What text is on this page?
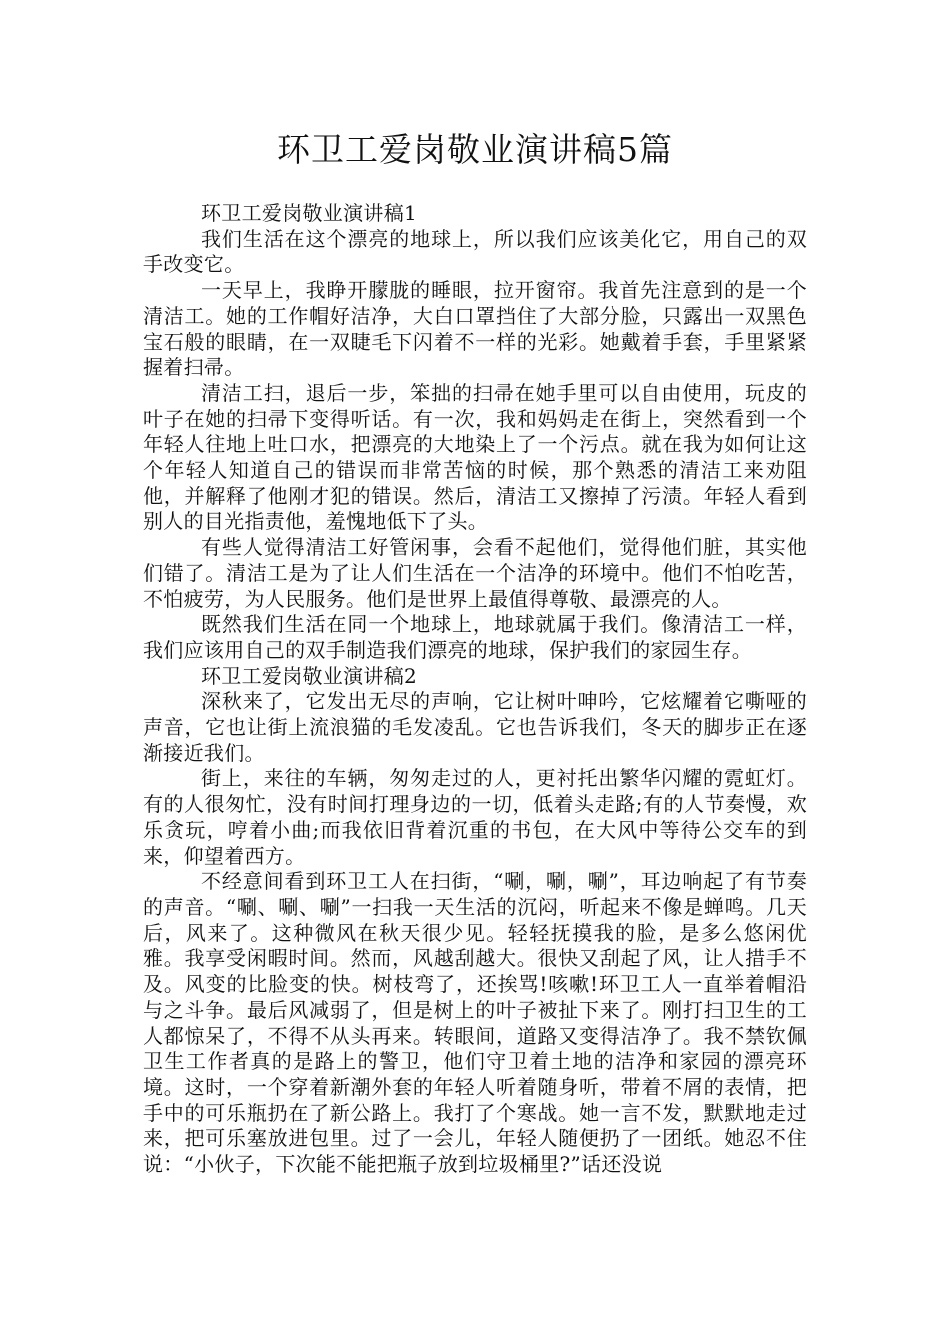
环卫工爱岗敬业演讲稿5篇

环卫工爱岗敬业演讲稿1

我们生活在这个漂亮的地球上，所以我们应该美化它，用自己的双手改变它。

一天早上，我睁开朦胧的睡眼，拉开窗帘。我首先注意到的是一个清洁工。她的工作帽好洁净，大白口罩挡住了大部分脸，只露出一双黑色宝石般的眼睛，在一双睫毛下闪着不一样的光彩。她戴着手套，手里紧紧握着扫帚。

清洁工扫，退后一步，笨拙的扫帚在她手里可以自由使用，玩皮的叶子在她的扫帚下变得听话。有一次，我和妈妈走在街上，突然看到一个年轻人往地上吐口水，把漂亮的大地染上了一个污点。就在我为如何让这个年轻人知道自己的错误而非常苦恼的时候，那个熟悉的清洁工来劝阻他，并解释了他刚才犯的错误。然后，清洁工又擦掉了污渍。年轻人看到别人的目光指责他，羞愧地低下了头。

有些人觉得清洁工好管闲事，会看不起他们，觉得他们脏，其实他们错了。清洁工是为了让人们生活在一个洁净的环境中。他们不怕吃苦，不怕疲劳，为人民服务。他们是世界上最值得尊敬、最漂亮的人。

既然我们生活在同一个地球上，地球就属于我们。像清洁工一样，我们应该用自己的双手制造我们漂亮的地球，保护我们的家园生存。

环卫工爱岗敬业演讲稿2

深秋来了，它发出无尽的声响，它让树叶呻吟，它炫耀着它嘶哑的声音，它也让街上流浪猫的毛发凌乱。它也告诉我们，冬天的脚步正在逐渐接近我们。

街上，来往的车辆，匆匆走过的人，更衬托出繁华闪耀的霓虹灯。有的人很匆忙，没有时间打理身边的一切，低着头走路;有的人节奏慢，欢乐贪玩，哼着小曲;而我依旧背着沉重的书包，在大风中等待公交车的到来，仰望着西方。

不经意间看到环卫工人在扫街，“唰，唰，唰”，耳边响起了有节奏的声音。“唰、唰、唰”一扫我一天生活的沉闷，听起来不像是蝉鸣。几天后，风来了。这种微风在秋天很少见。轻轻抚摸我的脸，是多么悠闲优雅。我享受闲暇时间。然而，风越刮越大。很快又刮起了风，让人措手不及。风变的比脸变的快。树枝弯了，还挨骂!咳嗽!环卫工人一直举着帽沿与之斗争。最后风减弱了，但是树上的叶子被扯下来了。刚打扫卫生的工人都惊呆了，不得不从头再来。转眼间，道路又变得洁净了。我不禁钦佩卫生工作者真的是路上的警卫，他们守卫着土地的洁净和家园的漂亮环境。这时，一个穿着新潮外套的年轻人听着随身听，带着不屑的表情，把手中的可乐瓶扔在了新公路上。我打了个寒战。她一言不发，默默地走过来，把可乐塞放进包里。过了一会儿，年轻人随便扔了一团纸。她忍不住说：“小伙子，下次能不能把瓶子放到垃圾桶里?”话还没说
